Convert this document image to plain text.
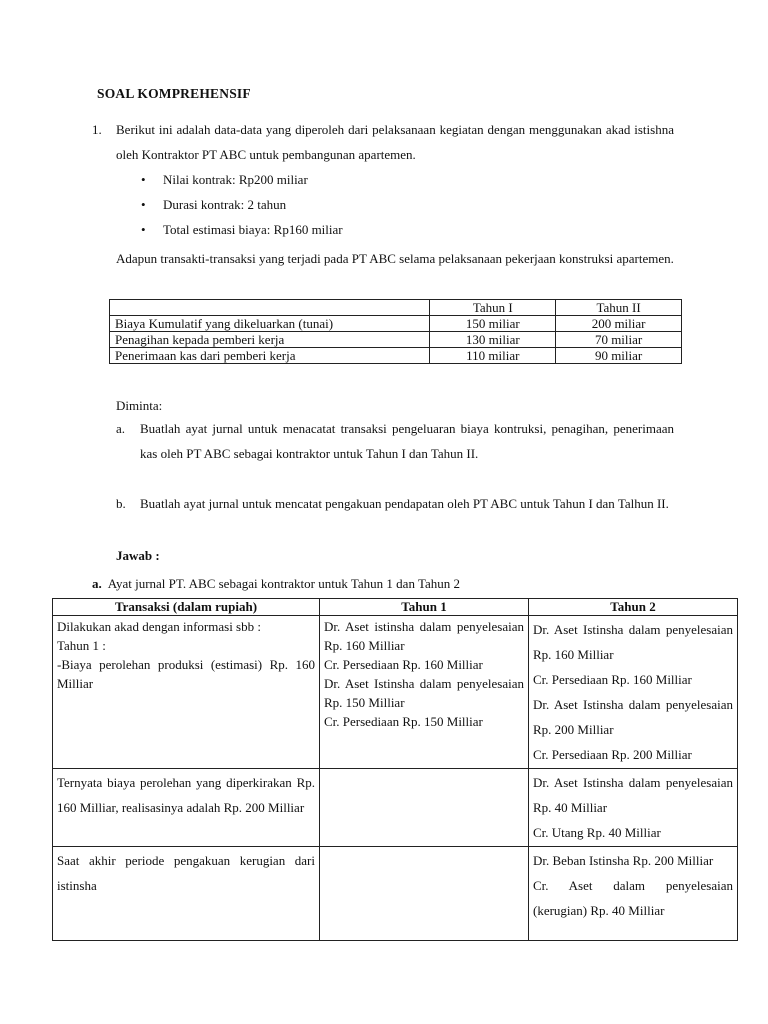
SOAL KOMPREHENSIF
1. Berikut ini adalah data-data yang diperoleh dari pelaksanaan kegiatan dengan menggunakan akad istishna oleh Kontraktor PT ABC untuk pembangunan apartemen.
• Nilai kontrak: Rp200 miliar
• Durasi kontrak: 2 tahun
• Total estimasi biaya: Rp160 miliar
Adapun transakti-transaksi yang terjadi pada PT ABC selama pelaksanaan pekerjaan konstruksi apartemen.
	Tahun I	Tahun II
Biaya Kumulatif yang dikeluarkan (tunai)	150 miliar	200 miliar
Penagihan kepada pemberi kerja	130 miliar	70 miliar
Penerimaan kas dari pemberi kerja	110 miliar	90 miliar
Diminta:
a. Buatlah ayat jurnal untuk menacatat transaksi pengeluaran biaya kontruksi, penagihan, penerimaan kas oleh PT ABC sebagai kontraktor untuk Tahun I dan Tahun II.
b. Buatlah ayat jurnal untuk mencatat pengakuan pendapatan oleh PT ABC untuk Tahun I dan Talhun II.
Jawab :
a. Ayat jurnal PT. ABC sebagai kontraktor untuk Tahun 1 dan Tahun 2
Transaksi (dalam rupiah)	Tahun 1	Tahun 2

Dilakukan akad dengan informasi sbb :
Tahun 1 :
-Biaya perolehan produksi (estimasi) Rp. 160 Milliar	Dr. Aset istinsha dalam penyelesaian Rp. 160 Milliar
Cr. Persediaan Rp. 160 Milliar
Dr. Aset Istinsha dalam penyelesaian Rp. 150 Milliar
Cr. Persediaan Rp. 150 Milliar	Dr. Aset Istinsha dalam penyelesaian Rp. 160 Milliar
Cr. Persediaan Rp. 160 Milliar
Dr. Aset Istinsha dalam penyelesaian Rp. 200 Milliar
Cr. Persediaan Rp. 200 Milliar

Ternyata biaya perolehan yang diperkirakan Rp. 160 Milliar, realisasinya adalah Rp. 200 Milliar		Dr. Aset Istinsha dalam penyelesaian Rp. 40 Milliar
Cr. Utang Rp. 40 Milliar

Saat akhir periode pengakuan kerugian dari istinsha		Dr. Beban Istinsha Rp. 200 Milliar
Cr. Aset dalam penyelesaian (kerugian) Rp. 40 Milliar
